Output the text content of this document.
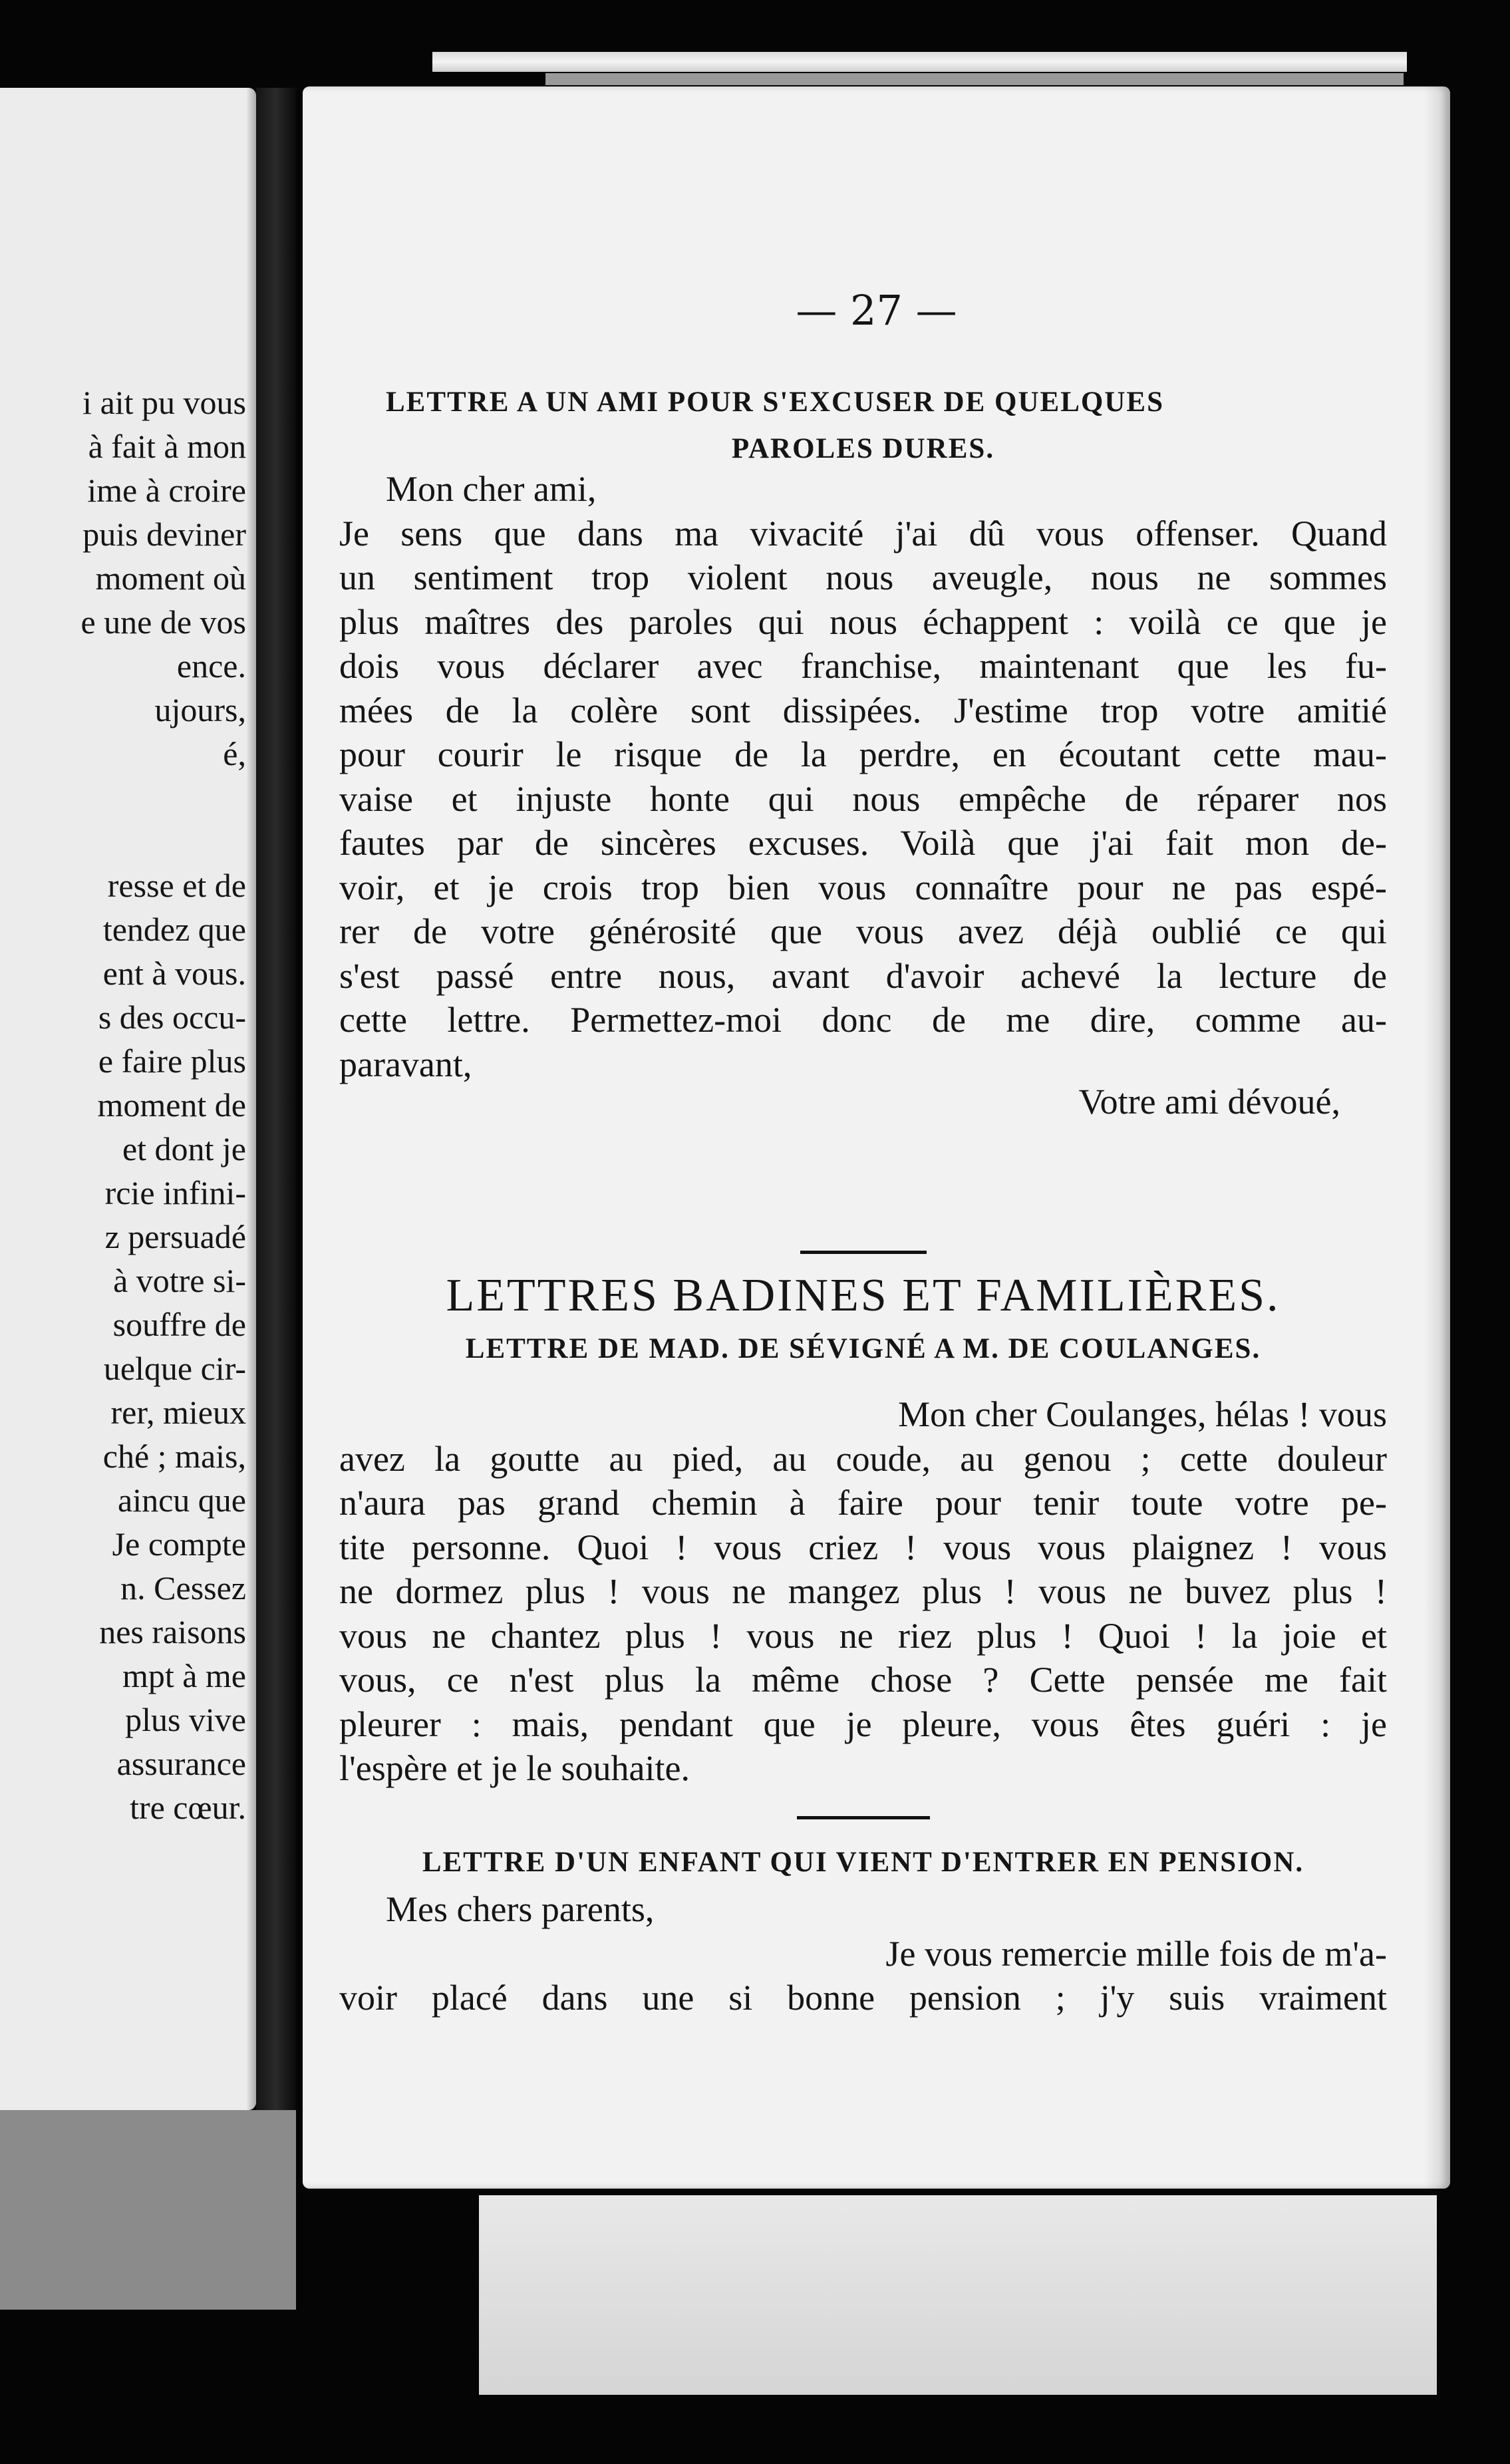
i ait pu vous
à fait à mon
ime à croire
puis deviner
moment où
e une de vos
ence.
ujours,
é,
resse et de
tendez que
ent à vous.
s des occu-
e faire plus
moment de
et dont je
rcie infini-
z persuadé
à votre si-
souffre de
uelque cir-
rer, mieux
ché ; mais,
aincu que
Je compte
n. Cessez
nes raisons
mpt à me
plus vive
assurance
tre cœur.
— 27 —
LETTRE A UN AMI POUR S'EXCUSER DE QUELQUES
PAROLES DURES.
Mon cher ami,
Je sens que dans ma vivacité j'ai dû vous offenser. Quand
un sentiment trop violent nous aveugle, nous ne sommes
plus maîtres des paroles qui nous échappent : voilà ce que je
dois vous déclarer avec franchise, maintenant que les fu-
mées de la colère sont dissipées. J'estime trop votre amitié
pour courir le risque de la perdre, en écoutant cette mau-
vaise et injuste honte qui nous empêche de réparer nos
fautes par de sincères excuses. Voilà que j'ai fait mon de-
voir, et je crois trop bien vous connaître pour ne pas espé-
rer de votre générosité que vous avez déjà oublié ce qui
s'est passé entre nous, avant d'avoir achevé la lecture de
cette lettre. Permettez-moi donc de me dire, comme au-
paravant,
Votre ami dévoué,
LETTRES BADINES ET FAMILIÈRES.
LETTRE DE MAD. DE SÉVIGNÉ A M. DE COULANGES.
Mon cher Coulanges, hélas ! vous
avez la goutte au pied, au coude, au genou ; cette douleur
n'aura pas grand chemin à faire pour tenir toute votre pe-
tite personne. Quoi ! vous criez ! vous vous plaignez ! vous
ne dormez plus ! vous ne mangez plus ! vous ne buvez plus !
vous ne chantez plus ! vous ne riez plus ! Quoi ! la joie et
vous, ce n'est plus la même chose ? Cette pensée me fait
pleurer : mais, pendant que je pleure, vous êtes guéri : je
l'espère et je le souhaite.
LETTRE D'UN ENFANT QUI VIENT D'ENTRER EN PENSION.
Mes chers parents,
Je vous remercie mille fois de m'a-
voir placé dans une si bonne pension ; j'y suis vraiment
